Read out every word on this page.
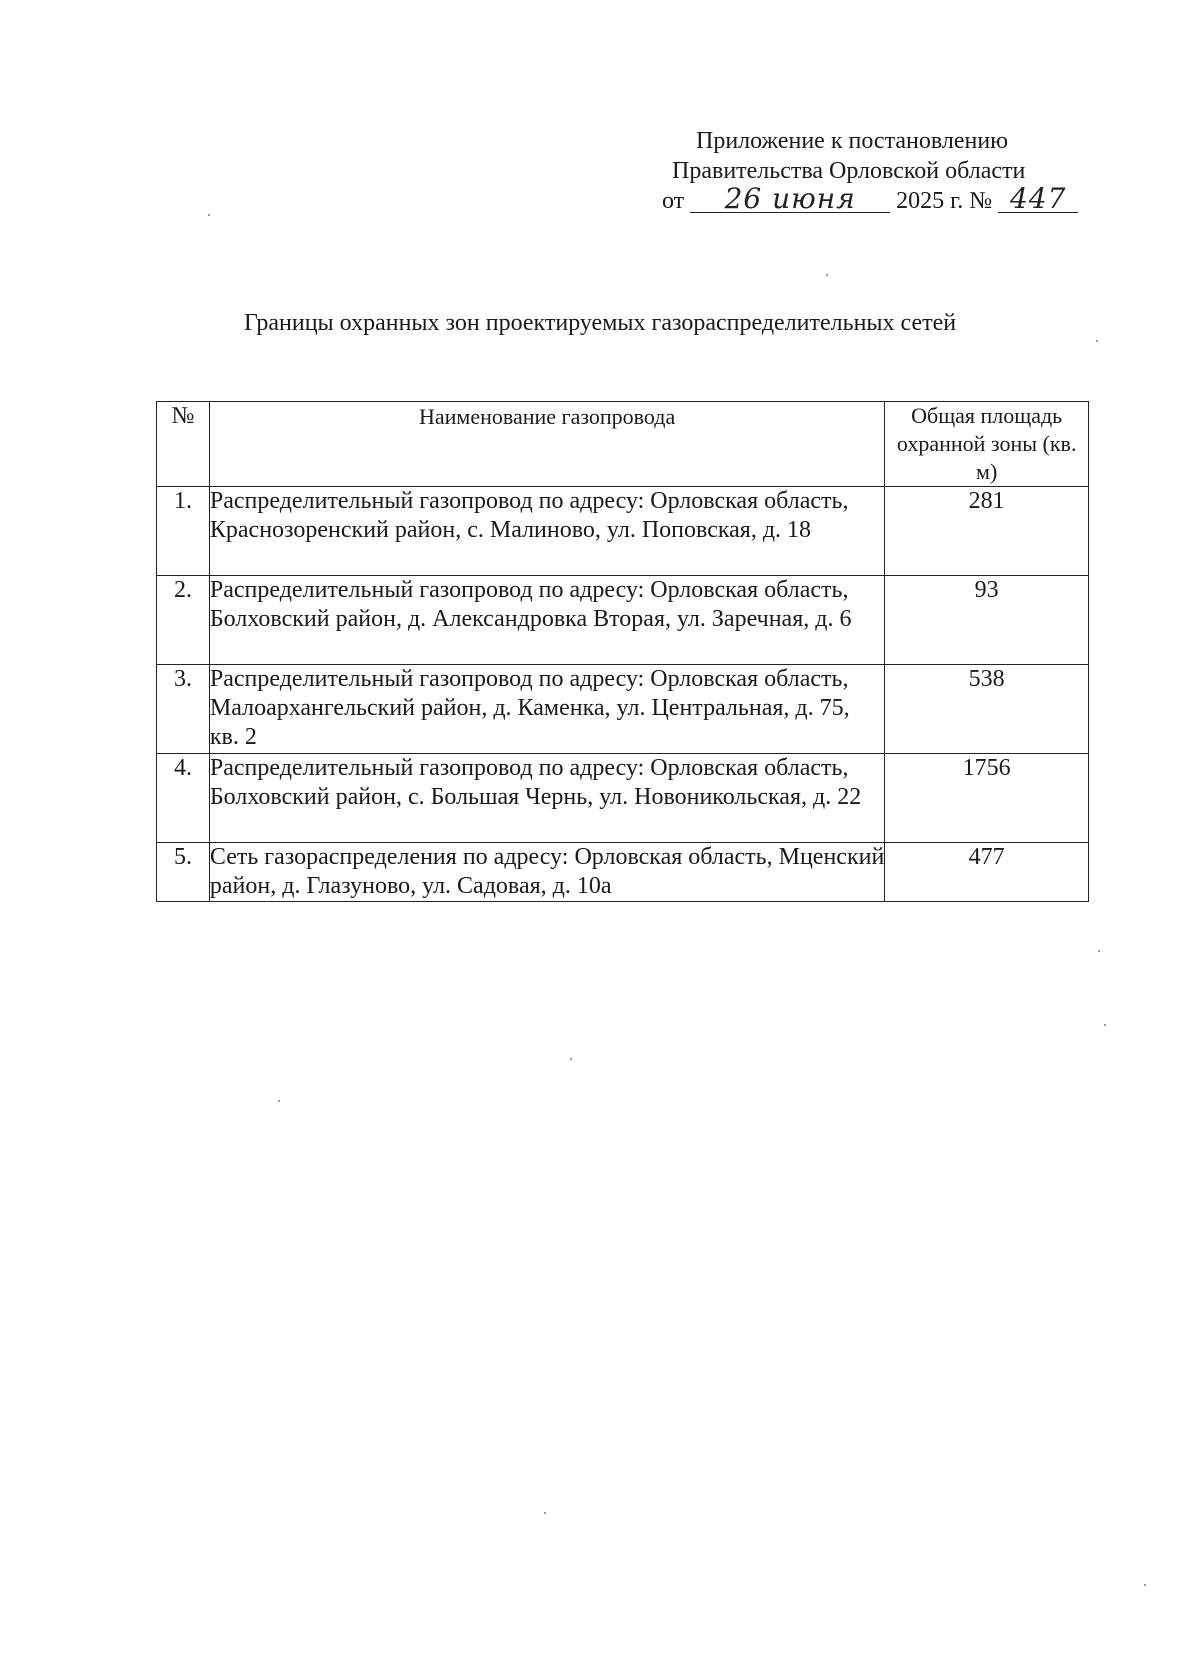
Приложение к постановлению
Правительства Орловской области
от 26 июня 2025 г. № 447
Границы охранных зон проектируемых газораспределительных сетей
№	Наименование газопровода	Общая площадь охранной зоны (кв. м)
1.	Распределительный газопровод по адресу: Орловская область, Краснозоренский район, с. Малиново, ул. Поповская, д. 18	281
2.	Распределительный газопровод по адресу: Орловская область, Болховский район, д. Александровка Вторая, ул. Заречная, д. 6	93
3.	Распределительный газопровод по адресу: Орловская область, Малоархангельский район, д. Каменка, ул. Центральная, д. 75, кв. 2	538
4.	Распределительный газопровод по адресу: Орловская область, Болховский район, с. Большая Чернь, ул. Новоникольская, д. 22	1756
5.	Сеть газораспределения по адресу: Орловская область, Мценский район, д. Глазуново, ул. Садовая, д. 10а	477
